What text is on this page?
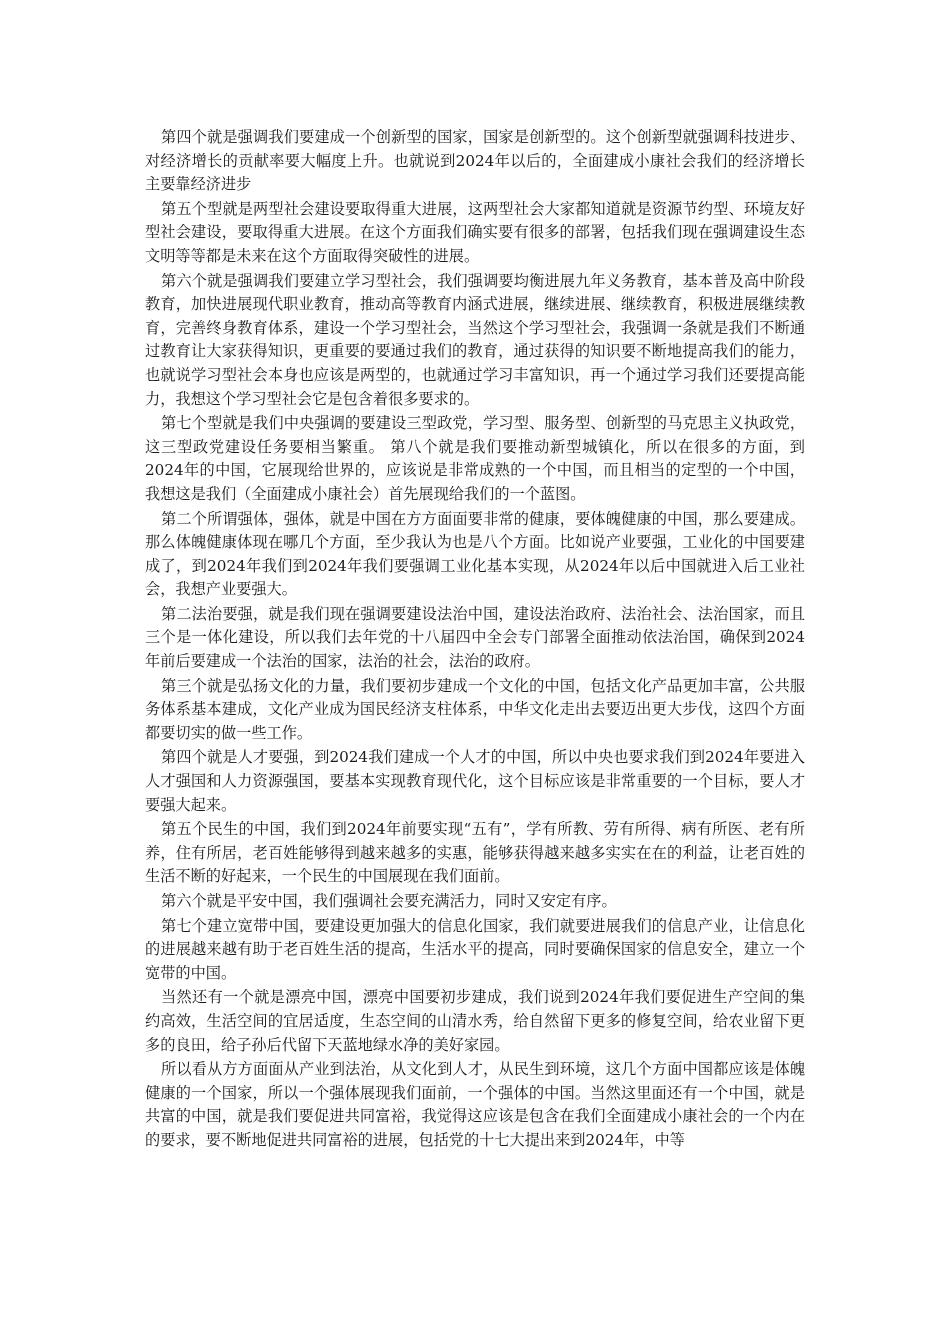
第四个就是强调我们要建成一个创新型的国家，国家是创新型的。这个创新型就强调科技进步、对经济增长的贡献率要大幅度上升。也就说到2024年以后的，全面建成小康社会我们的经济增长主要靠经济进步

第五个型就是两型社会建设要取得重大进展，这两型社会大家都知道就是资源节约型、环境友好型社会建设，要取得重大进展。在这个方面我们确实要有很多的部署，包括我们现在强调建设生态文明等等都是未来在这个方面取得突破性的进展。

第六个就是强调我们要建立学习型社会，我们强调要均衡进展九年义务教育，基本普及高中阶段教育，加快进展现代职业教育，推动高等教育内涵式进展，继续进展、继续教育，积极进展继续教育，完善终身教育体系，建设一个学习型社会，当然这个学习型社会，我强调一条就是我们不断通过教育让大家获得知识，更重要的要通过我们的教育，通过获得的知识要不断地提高我们的能力，也就说学习型社会本身也应该是两型的，也就通过学习丰富知识，再一个通过学习我们还要提高能力，我想这个学习型社会它是包含着很多要求的。

第七个型就是我们中央强调的要建设三型政党，学习型、服务型、创新型的马克思主义执政党，这三型政党建设任务要相当繁重。 第八个就是我们要推动新型城镇化，所以在很多的方面，到2024年的中国，它展现给世界的，应该说是非常成熟的一个中国，而且相当的定型的一个中国，我想这是我们（全面建成小康社会）首先展现给我们的一个蓝图。

第二个所谓强体，强体，就是中国在方方面面要非常的健康，要体魄健康的中国，那么要建成。那么体魄健康体现在哪几个方面，至少我认为也是八个方面。比如说产业要强，工业化的中国要建成了，到2024年我们到2024年我们要强调工业化基本实现，从2024年以后中国就进入后工业社会，我想产业要强大。

第二法治要强，就是我们现在强调要建设法治中国，建设法治政府、法治社会、法治国家，而且三个是一体化建设，所以我们去年党的十八届四中全会专门部署全面推动依法治国，确保到2024年前后要建成一个法治的国家，法治的社会，法治的政府。

第三个就是弘扬文化的力量，我们要初步建成一个文化的中国，包括文化产品更加丰富，公共服务体系基本建成，文化产业成为国民经济支柱体系，中华文化走出去要迈出更大步伐，这四个方面都要切实的做一些工作。

第四个就是人才要强，到2024我们建成一个人才的中国，所以中央也要求我们到2024年要进入人才强国和人力资源强国，要基本实现教育现代化，这个目标应该是非常重要的一个目标，要人才要强大起来。

第五个民生的中国，我们到2024年前要实现“五有”，学有所教、劳有所得、病有所医、老有所养，住有所居，老百姓能够得到越来越多的实惠，能够获得越来越多实实在在的利益，让老百姓的生活不断的好起来，一个民生的中国展现在我们面前。

第六个就是平安中国，我们强调社会要充满活力，同时又安定有序。

第七个建立宽带中国，要建设更加强大的信息化国家，我们就要进展我们的信息产业，让信息化的进展越来越有助于老百姓生活的提高，生活水平的提高，同时要确保国家的信息安全，建立一个宽带的中国。

当然还有一个就是漂亮中国，漂亮中国要初步建成，我们说到2024年我们要促进生产空间的集约高效，生活空间的宜居适度，生态空间的山清水秀，给自然留下更多的修复空间，给农业留下更多的良田，给子孙后代留下天蓝地绿水净的美好家园。

所以看从方方面面从产业到法治，从文化到人才，从民生到环境，这几个方面中国都应该是体魄健康的一个国家，所以一个强体展现我们面前，一个强体的中国。当然这里面还有一个中国，就是共富的中国，就是我们要促进共同富裕，我觉得这应该是包含在我们全面建成小康社会的一个内在的要求，要不断地促进共同富裕的进展，包括党的十七大提出来到2024年，中等
